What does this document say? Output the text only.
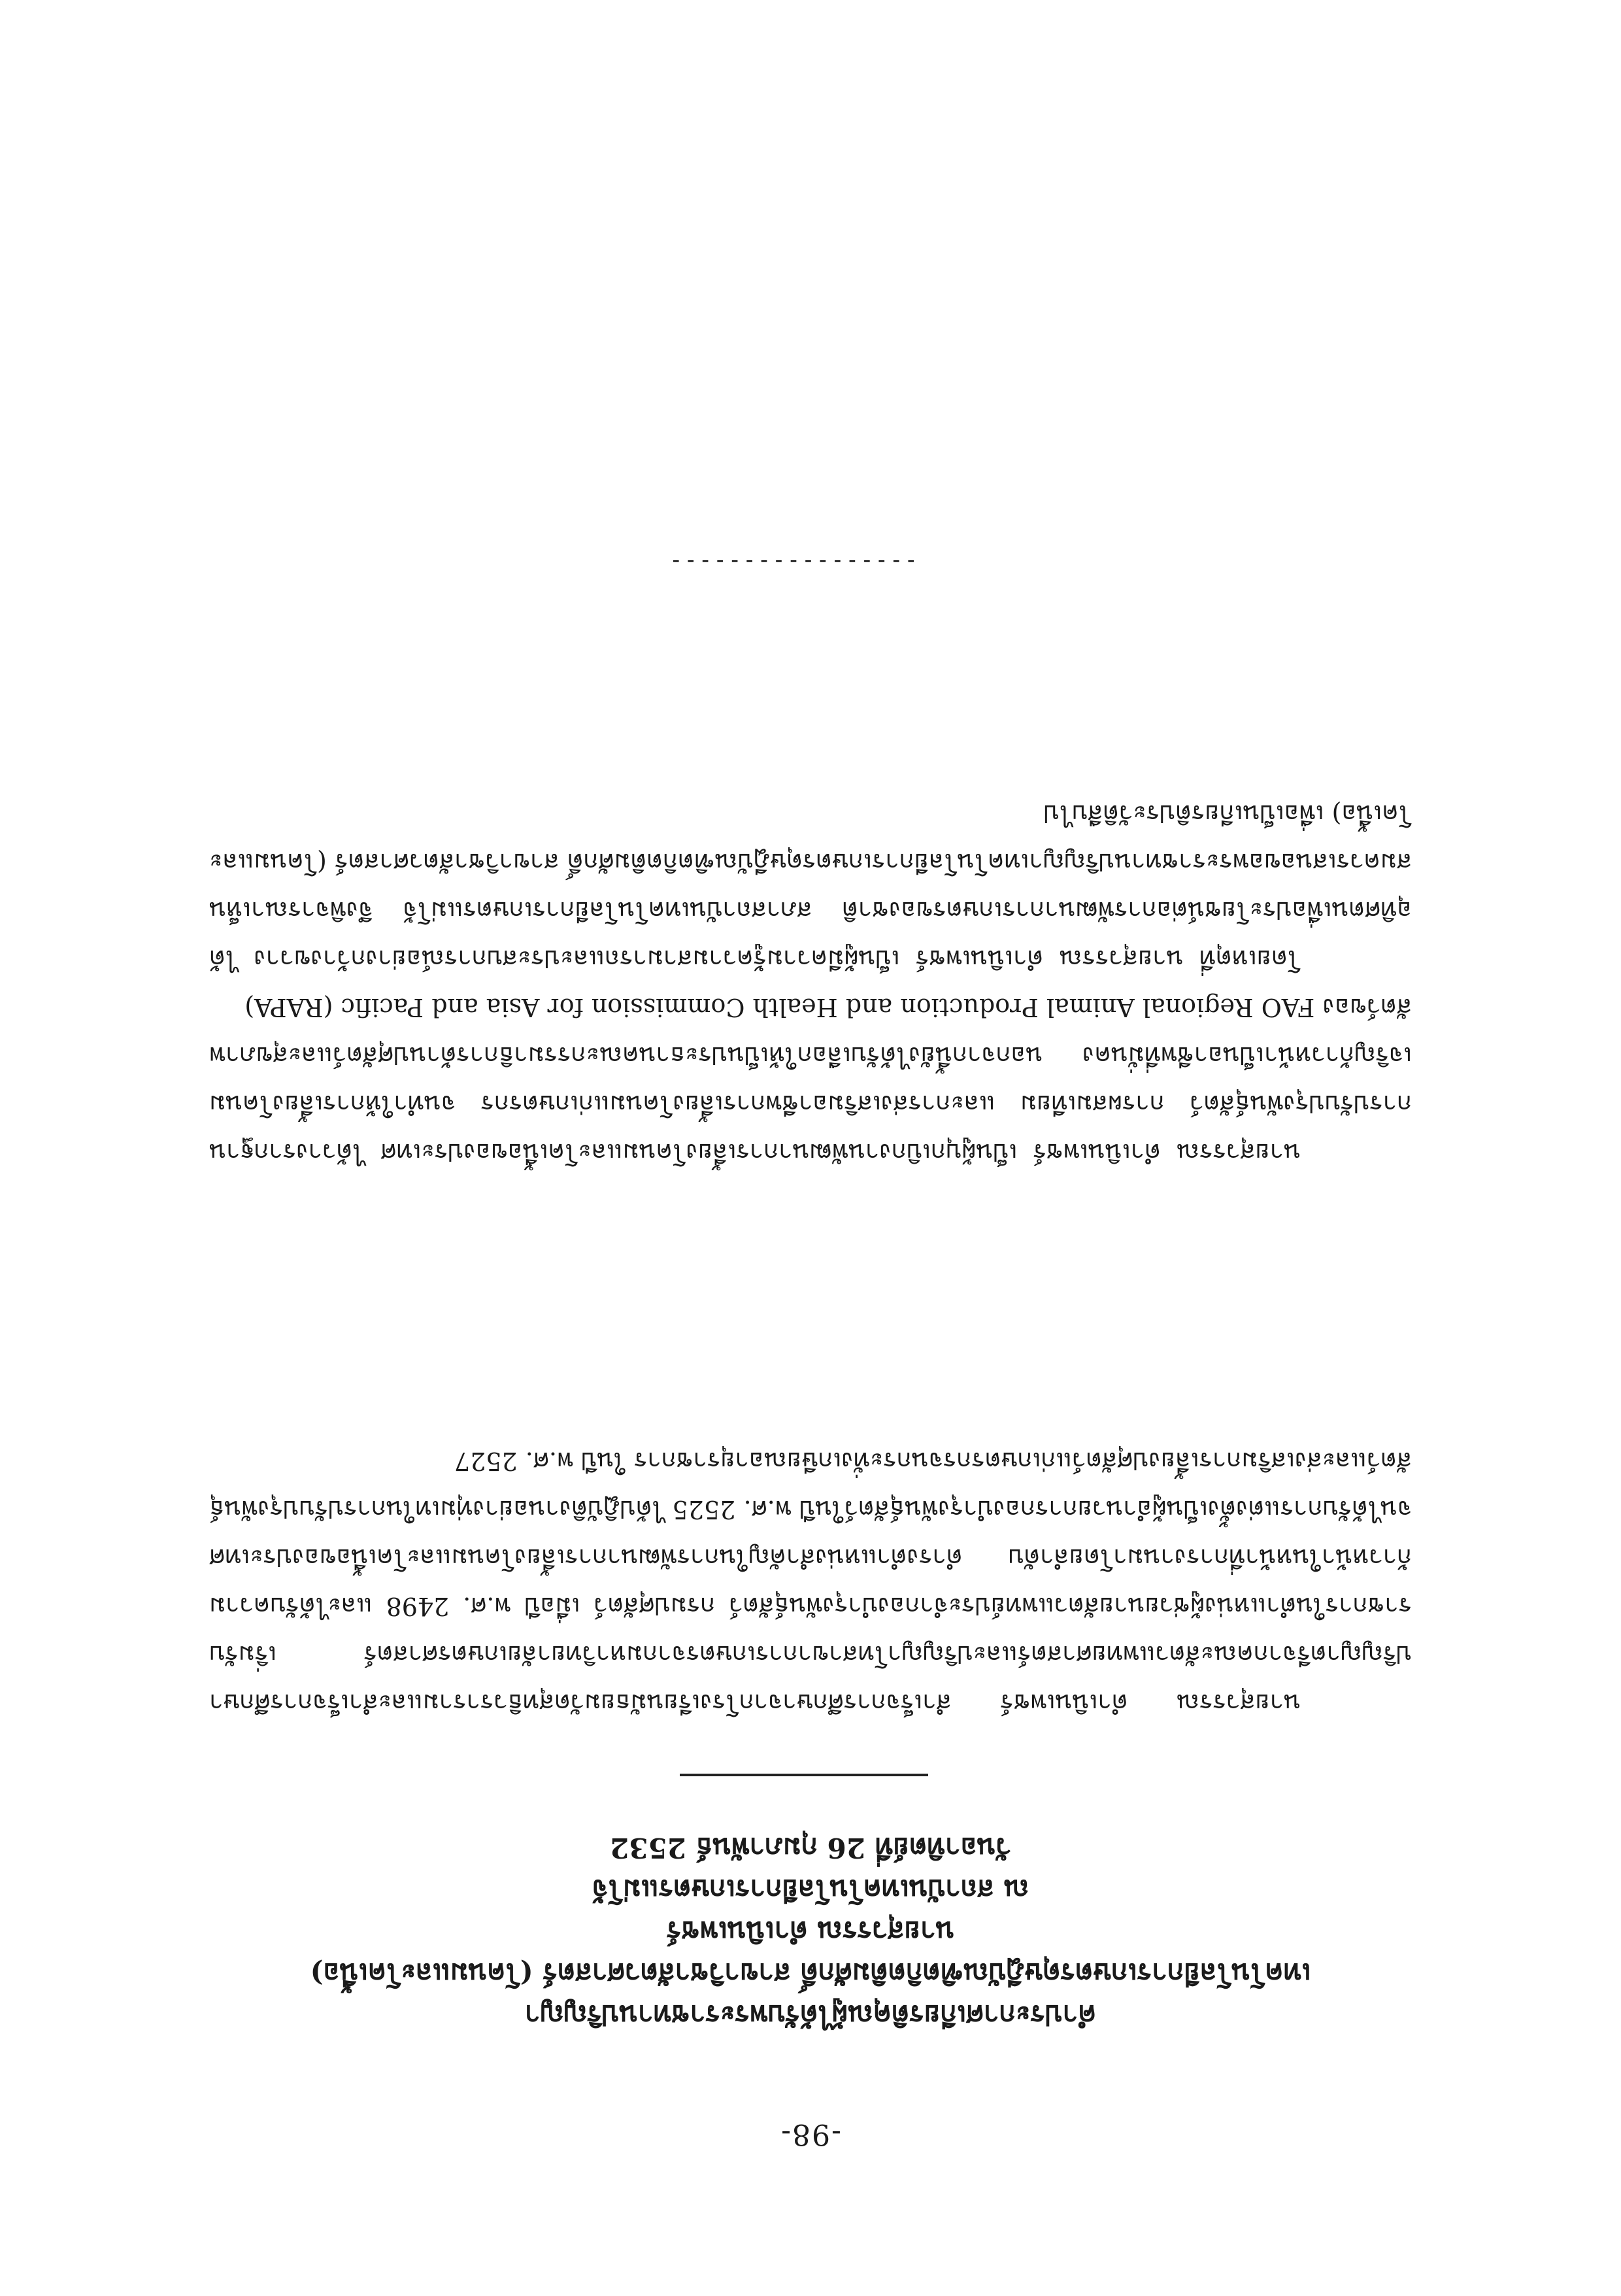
-98-
คำประกาศเกียรติคุณผู้ได้รับพระราชทานปริญญา
เทคโนโลยีการเกษตรดุษฎีบัณฑิตกิตติมศักดิ์ สาขาวิชาสัตวศาสตร์ (โคนมและโคเนื้อ)
นายสุวรรณ ดำเนินเพชร์
ณ สถาบันเทคโนโลยีการเกษตรแม่โจ้
วันอาทิตย์ที่ 26 กุมภาพันธ์ 2532

นายสุวรรณ ดำเนินเพชร์ สำเร็จการศึกษาจากโรงเรียนมัธยมวัดสุทธิวรารามและสำเร็จการศึกษาปริญญาตรีจากคณะสัตวแพทยศาสตร์และปริญญาโทสาขาการเกษตรจากมหาวิทยาลัยเกษตรศาสตร์ เริ่มรับราชการในตำแหน่งผู้ช่วยนายสัตวแพทย์ประจำกองบำรุงพันธุ์สัตว์ กรมปศุสัตว์ เมื่อปี พ.ศ. 2498 และได้รับความก้าวหน้าในหน้าที่การงานมาโดยลำดับ ดำรงตำแหน่งสำคัญในการพัฒนาการเลี้ยงโคนมและโคเนื้อของประเทศ จนได้รับการแต่งตั้งเป็นผู้อำนวยการกองบำรุงพันธุ์สัตว์ในปี พ.ศ. 2525 ได้ปฏิบัติงานอย่างทุ่มเทในการปรับปรุงพันธุ์สัตว์และส่งเสริมการเลี้ยงปศุสัตว์แก่เกษตรกรจนกระทั่งเกษียณอายุราชการ ในปี พ.ศ. 2527

นายสุวรรณ ดำเนินเพชร์ เป็นผู้บุกเบิกงานพัฒนาการเลี้ยงโคนมและโคเนื้อของประเทศ ได้วางรากฐานการปรับปรุงพันธุ์สัตว์ การผสมเทียม และการส่งเสริมอาชีพการเลี้ยงโคนมแก่เกษตรกร จนทำให้การเลี้ยงโคนมเจริญก้าวหน้าเป็นอาชีพที่มั่นคง นอกจากนี้ยังได้รับเลือกให้เป็นประธานคณะกรรมาธิการด้านปศุสัตว์และสุขภาพสัตว์ของ FAO Regional Animal Production and Health Commission for Asia and Pacific (RAPA)

โดยเหตุที่ นายสุวรรณ ดำเนินเพชร์ เป็นผู้มีความรู้ความสามารถและประสบการณ์อย่างกว้างขวาง ได้อุทิศตนเพื่อประโยชน์ต่อการพัฒนาการเกษตรของชาติ สภาสถาบันเทคโนโลยีการเกษตรแม่โจ้ จึงพิจารณาเห็นสมควรเสนอขอพระราชทานปริญญาเทคโนโลยีการเกษตรดุษฎีบัณฑิตกิตติมศักดิ์ สาขาวิชาสัตวศาสตร์ (โคนมและโคเนื้อ) เพื่อเป็นเกียรติประวัติสืบไป

-----------------
